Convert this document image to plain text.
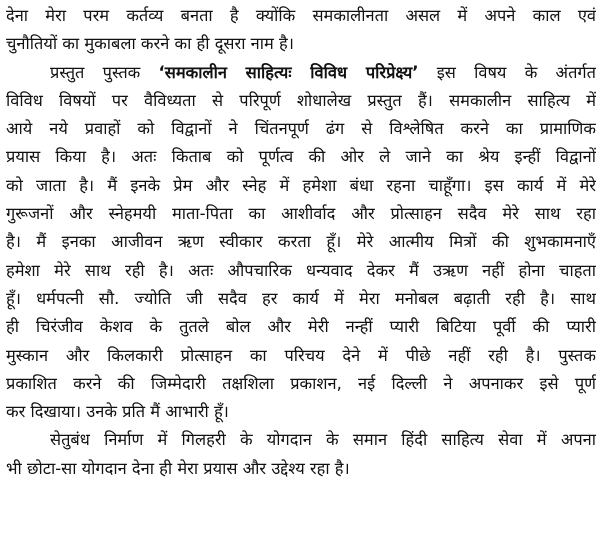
देना मेरा परम कर्तव्य बनता है क्योंकि समकालीनता असल में अपने काल एवं
चुनौतियों का मुकाबला करने का ही दूसरा नाम है।
प्रस्तुत पुस्तक ‘समकालीन साहित्यः विविध परिप्रेक्ष्य’ इस विषय के अंतर्गत
विविध विषयों पर वैविध्यता से परिपूर्ण शोधालेख प्रस्तुत हैं। समकालीन साहित्य में
आये नये प्रवाहों को विद्वानों ने चिंतनपूर्ण ढंग से विश्लेषित करने का प्रामाणिक
प्रयास किया है। अतः किताब को पूर्णत्व की ओर ले जाने का श्रेय इन्हीं विद्वानों
को जाता है। मैं इनके प्रेम और स्नेह में हमेशा बंधा रहना चाहूँगा। इस कार्य में मेरे
गुरूजनों और स्नेहमयी माता-पिता का आशीर्वाद और प्रोत्साहन सदैव मेरे साथ रहा
है। मैं इनका आजीवन ऋण स्वीकार करता हूँ। मेरे आत्मीय मित्रों की शुभकामनाएँ
हमेशा मेरे साथ रही है। अतः औपचारिक धन्यवाद देकर मैं उऋण नहीं होना चाहता
हूँ। धर्मपत्नी सौ. ज्योति जी सदैव हर कार्य में मेरा मनोबल बढ़ाती रही है। साथ
ही चिरंजीव केशव के तुतले बोल और मेरी नन्हीं प्यारी बिटिया पूर्वी की प्यारी
मुस्कान और किलकारी प्रोत्साहन का परिचय देने में पीछे नहीं रही है। पुस्तक
प्रकाशित करने की जिम्मेदारी तक्षशिला प्रकाशन, नई दिल्ली ने अपनाकर इसे पूर्ण
कर दिखाया। उनके प्रति मैं आभारी हूँ।
सेतुबंध निर्माण में गिलहरी के योगदान के समान हिंदी साहित्य सेवा में अपना
भी छोटा-सा योगदान देना ही मेरा प्रयास और उद्देश्य रहा है।
